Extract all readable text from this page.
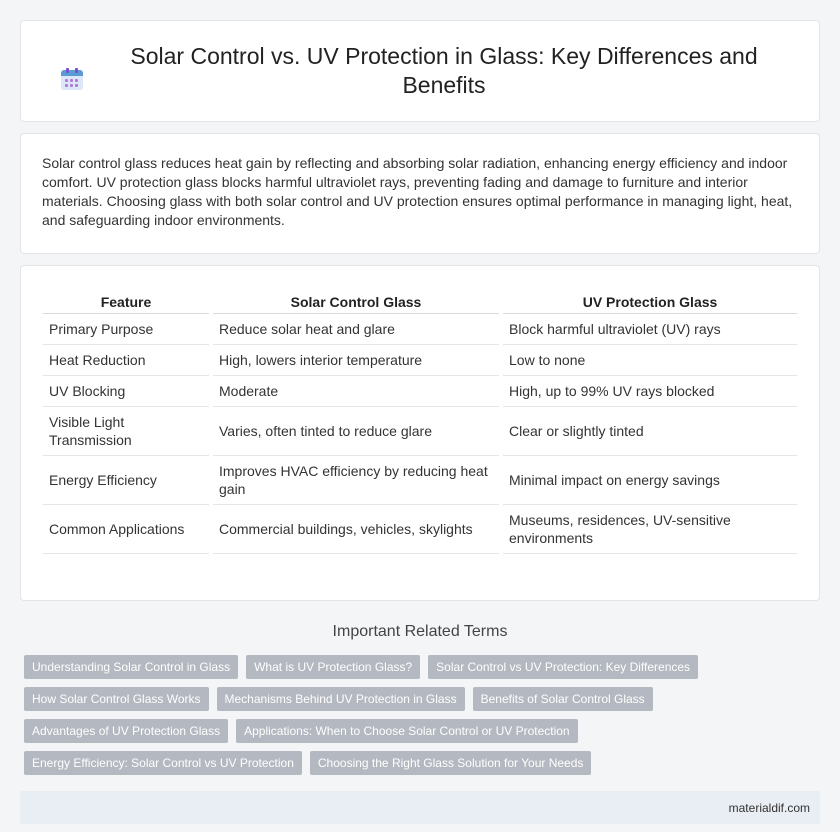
Solar Control vs. UV Protection in Glass: Key Differences and Benefits

Solar control glass reduces heat gain by reflecting and absorbing solar radiation, enhancing energy efficiency and indoor comfort. UV protection glass blocks harmful ultraviolet rays, preventing fading and damage to furniture and interior materials. Choosing glass with both solar control and UV protection ensures optimal performance in managing light, heat, and safeguarding indoor environments.

Feature	Solar Control Glass	UV Protection Glass
Primary Purpose	Reduce solar heat and glare	Block harmful ultraviolet (UV) rays
Heat Reduction	High, lowers interior temperature	Low to none
UV Blocking	Moderate	High, up to 99% UV rays blocked
Visible Light Transmission	Varies, often tinted to reduce glare	Clear or slightly tinted
Energy Efficiency	Improves HVAC efficiency by reducing heat gain	Minimal impact on energy savings
Common Applications	Commercial buildings, vehicles, skylights	Museums, residences, UV-sensitive environments
Important Related Terms
Understanding Solar Control in Glass	What is UV Protection Glass?	Solar Control vs UV Protection: Key Differences
How Solar Control Glass Works	Mechanisms Behind UV Protection in Glass	Benefits of Solar Control Glass
Advantages of UV Protection Glass	Applications: When to Choose Solar Control or UV Protection
Energy Efficiency: Solar Control vs UV Protection	Choosing the Right Glass Solution for Your Needs
materialdif.com
